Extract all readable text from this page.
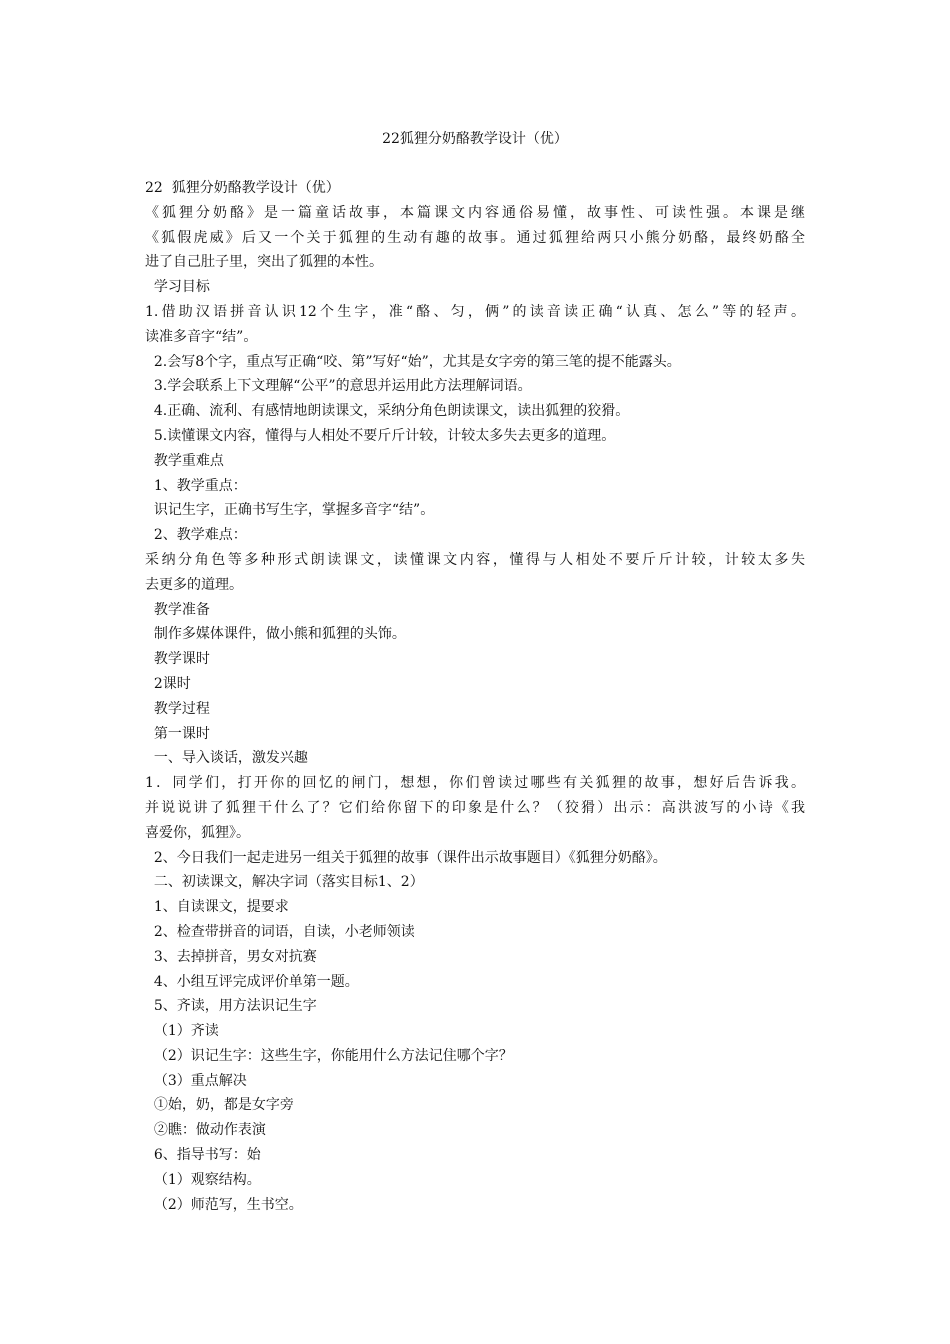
22狐狸分奶酪教学设计（优）
22  狐狸分奶酪教学设计（优）
《狐狸分奶酪》是一篇童话故事，本篇课文内容通俗易懂，故事性、可读性强。本课是继
《狐假虎威》后又一个关于狐狸的生动有趣的故事。通过狐狸给两只小熊分奶酪，最终奶酪全
进了自己肚子里，突出了狐狸的本性。
学习目标
1.借助汉语拼音认识12个生字，准“酪、匀，俩”的读音读正确“认真、怎么”等的轻声。
读准多音字“结”。
2.会写8个字，重点写正确“咬、第”写好“始”，尤其是女字旁的第三笔的提不能露头。
3.学会联系上下文理解“公平”的意思并运用此方法理解词语。
4.正确、流利、有感情地朗读课文，采纳分角色朗读课文，读出狐狸的狡猾。
5.读懂课文内容，懂得与人相处不要斤斤计较，计较太多失去更多的道理。
教学重难点
1、教学重点：
识记生字，正确书写生字，掌握多音字“结”。
2、教学难点：
采纳分角色等多种形式朗读课文，读懂课文内容，懂得与人相处不要斤斤计较，计较太多失
去更多的道理。
教学准备
制作多媒体课件，做小熊和狐狸的头饰。
教学课时
2课时
教学过程
第一课时
一、导入谈话，激发兴趣
1．同学们，打开你的回忆的闸门，想想，你们曾读过哪些有关狐狸的故事，想好后告诉我。
并说说讲了狐狸干什么了？它们给你留下的印象是什么？（狡猾）出示：高洪波写的小诗《我
喜爱你，狐狸》。
2、今日我们一起走进另一组关于狐狸的故事（课件出示故事题目）《狐狸分奶酪》。
二、初读课文，解决字词（落实目标1、2）
1、自读课文，提要求
2、检查带拼音的词语，自读，小老师领读
3、去掉拼音，男女对抗赛
4、小组互评完成评价单第一题。
5、齐读，用方法识记生字
（1）齐读
（2）识记生字：这些生字，你能用什么方法记住哪个字？
（3）重点解决
①始，奶，都是女字旁
②瞧：做动作表演
6、指导书写：始
（1）观察结构。
（2）师范写，生书空。
